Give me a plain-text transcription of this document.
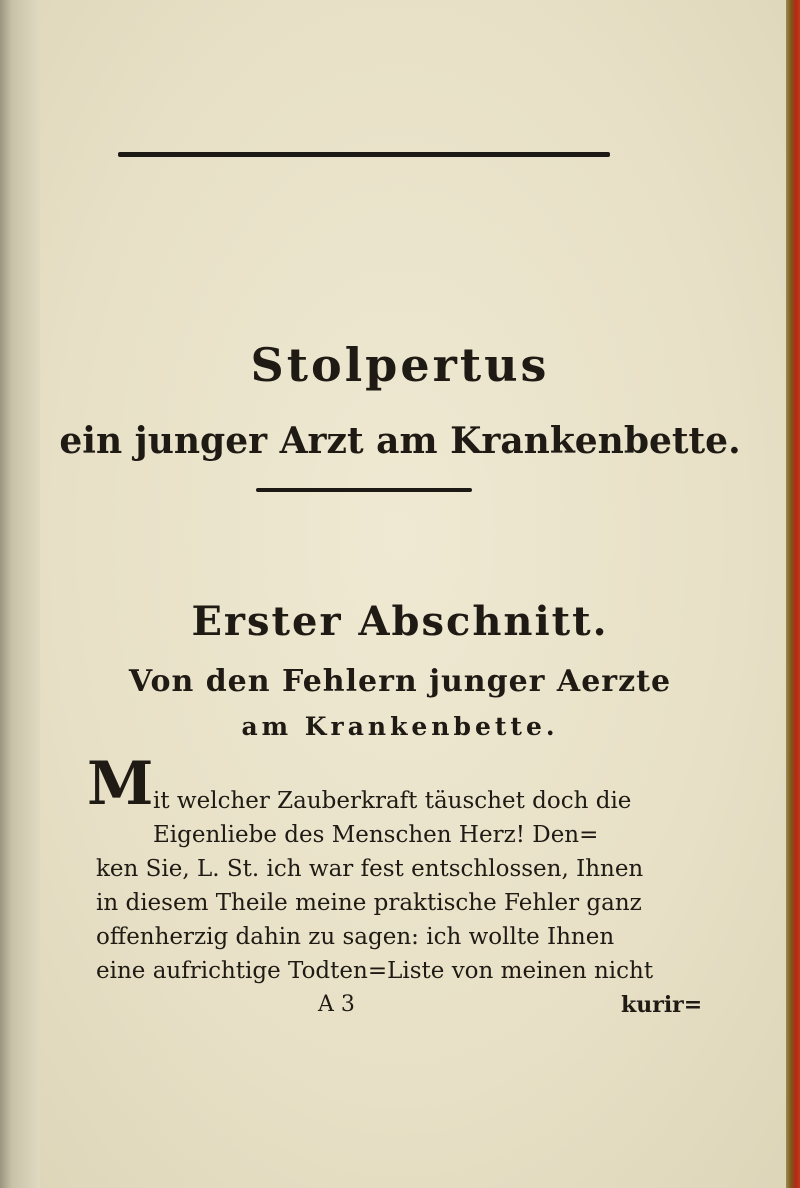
Stolpertus
ein junger Arzt am Krankenbette.
Erster Abschnitt.
Von den Fehlern junger Aerzte
am Krankenbette.
M it welcher Zauberkraft täuschet doch die
Eigenliebe des Menschen Herz! Den=
ken Sie, L. St. ich war fest entschlossen, Ihnen
in diesem Theile meine praktische Fehler ganz
offenherzig dahin zu sagen: ich wollte Ihnen
eine aufrichtige Todten=Liste von meinen nicht
A 3	kurir=
